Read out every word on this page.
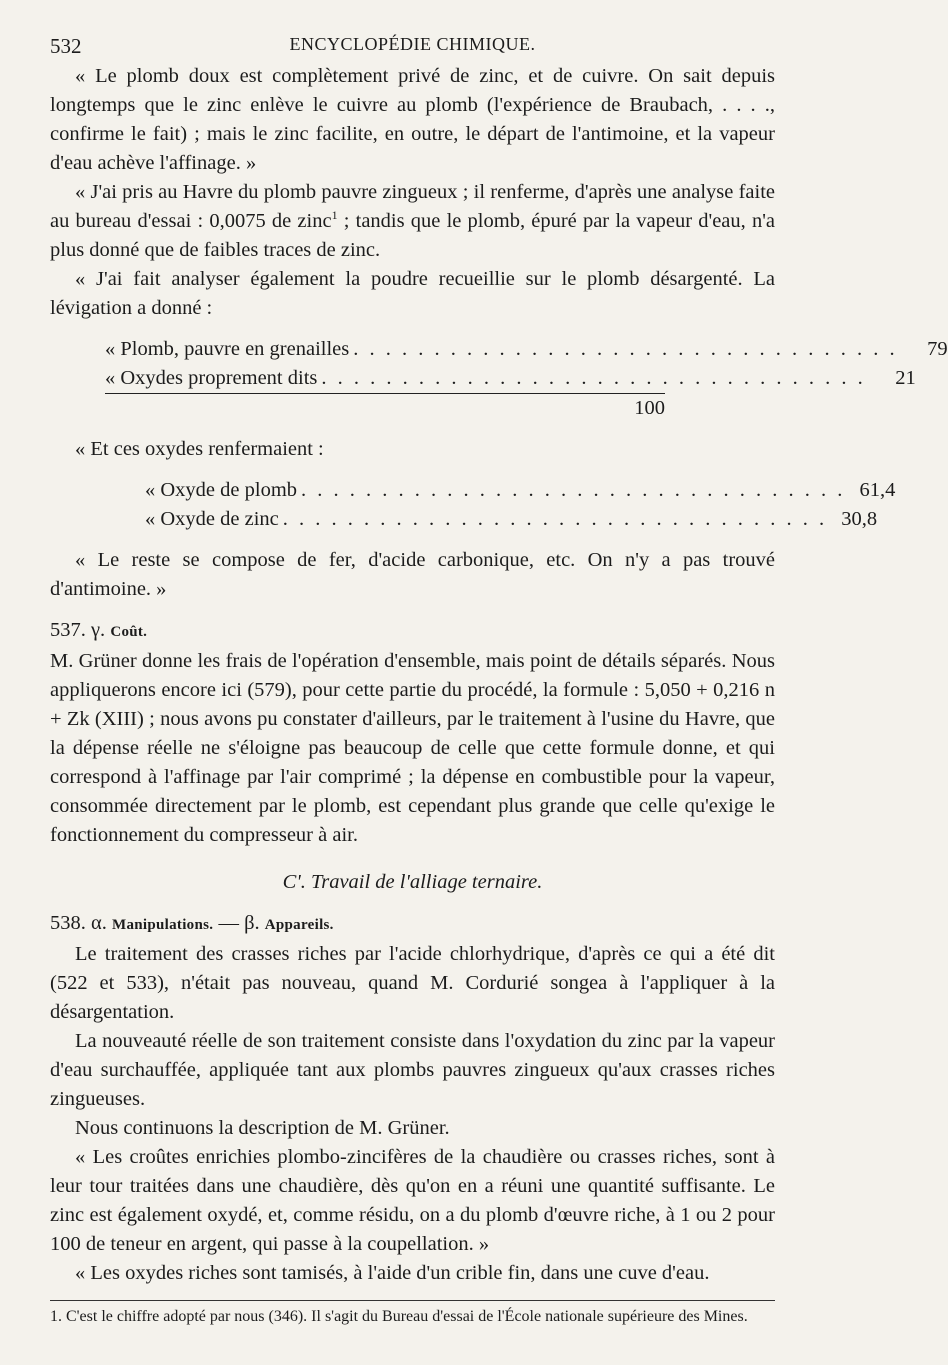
532	ENCYCLOPÉDIE CHIMIQUE.

« Le plomb doux est complètement privé de zinc, et de cuivre. On sait depuis longtemps que le zinc enlève le cuivre au plomb (l'expérience de Braubach, . . . ., confirme le fait) ; mais le zinc facilite, en outre, le départ de l'antimoine, et la vapeur d'eau achève l'affinage. »

« J'ai pris au Havre du plomb pauvre zingueux ; il renferme, d'après une analyse faite au bureau d'essai : 0,0075 de zinc$^1$ ; tandis que le plomb, épuré par la vapeur d'eau, n'a plus donné que de faibles traces de zinc.

« J'ai fait analyser également la poudre recueillie sur le plomb désargenté. La lévigation a donné :

« Plomb, pauvre en grenailles . . . . . . . . . . . . . . . . . . . . . . . . . . . . . . . . . .	79
« Oxydes proprement dits . . . . . . . . . . . . . . . . . . . . . . . . . . . . . . . . . .	21
100

« Et ces oxydes renfermaient :

« Oxyde de plomb . . . . . . . . . . . . . . . . . . . . . . . . . . . . . . . . . . 61,4
« Oxyde de zinc . . . . . . . . . . . . . . . . . . . . . . . . . . . . . . . . . . 30,8

« Le reste se compose de fer, d'acide carbonique, etc. On n'y a pas trouvé d'antimoine. »

537. γ. Coût.

M. Grüner donne les frais de l'opération d'ensemble, mais point de détails séparés. Nous appliquerons encore ici (579), pour cette partie du procédé, la formule : 5,050 + 0,216 n + Zk (XIII) ; nous avons pu constater d'ailleurs, par le traitement à l'usine du Havre, que la dépense réelle ne s'éloigne pas beaucoup de celle que cette formule donne, et qui correspond à l'affinage par l'air comprimé ; la dépense en combustible pour la vapeur, consommée directement par le plomb, est cependant plus grande que celle qu'exige le fonctionnement du compresseur à air.

C'. Travail de l'alliage ternaire.

538. α. Manipulations. — β. Appareils.

Le traitement des crasses riches par l'acide chlorhydrique, d'après ce qui a été dit (522 et 533), n'était pas nouveau, quand M. Cordurié songea à l'appliquer à la désargentation.

La nouveauté réelle de son traitement consiste dans l'oxydation du zinc par la vapeur d'eau surchauffée, appliquée tant aux plombs pauvres zingueux qu'aux crasses riches zingueuses.

Nous continuons la description de M. Grüner.

« Les croûtes enrichies plombo-zincifères de la chaudière ou crasses riches, sont à leur tour traitées dans une chaudière, dès qu'on en a réuni une quantité suffisante. Le zinc est également oxydé, et, comme résidu, on a du plomb d'œuvre riche, à 1 ou 2 pour 100 de teneur en argent, qui passe à la coupellation. »

« Les oxydes riches sont tamisés, à l'aide d'un crible fin, dans une cuve d'eau.

1. C'est le chiffre adopté par nous (346). Il s'agit du Bureau d'essai de l'École nationale supérieure des Mines.
